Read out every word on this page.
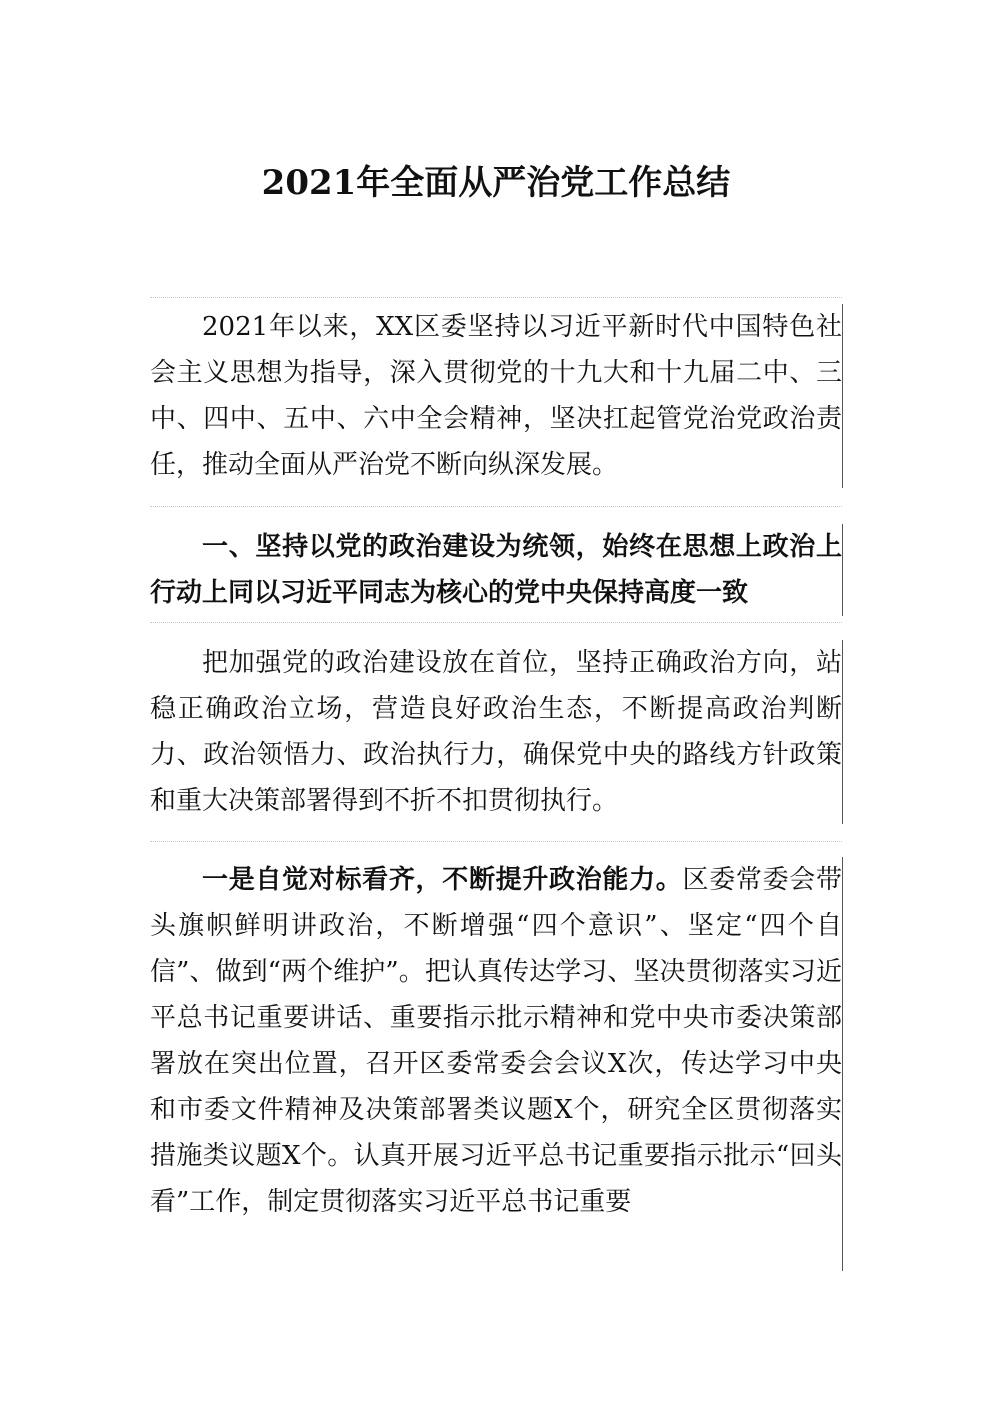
2021年全面从严治党工作总结

2021年以来，XX区委坚持以习近平新时代中国特色社会主义思想为指导，深入贯彻党的十九大和十九届二中、三中、四中、五中、六中全会精神，坚决扛起管党治党政治责任，推动全面从严治党不断向纵深发展。

一、坚持以党的政治建设为统领，始终在思想上政治上行动上同以习近平同志为核心的党中央保持高度一致

把加强党的政治建设放在首位，坚持正确政治方向，站稳正确政治立场，营造良好政治生态，不断提高政治判断力、政治领悟力、政治执行力，确保党中央的路线方针政策和重大决策部署得到不折不扣贯彻执行。

一是自觉对标看齐，不断提升政治能力。区委常委会带头旗帜鲜明讲政治，不断增强“四个意识”、坚定“四个自信”、做到“两个维护”。把认真传达学习、坚决贯彻落实习近平总书记重要讲话、重要指示批示精神和党中央市委决策部署放在突出位置，召开区委常委会会议X次，传达学习中央和市委文件精神及决策部署类议题X个，研究全区贯彻落实措施类议题X个。认真开展习近平总书记重要指示批示“回头看”工作，制定贯彻落实习近平总书记重要
